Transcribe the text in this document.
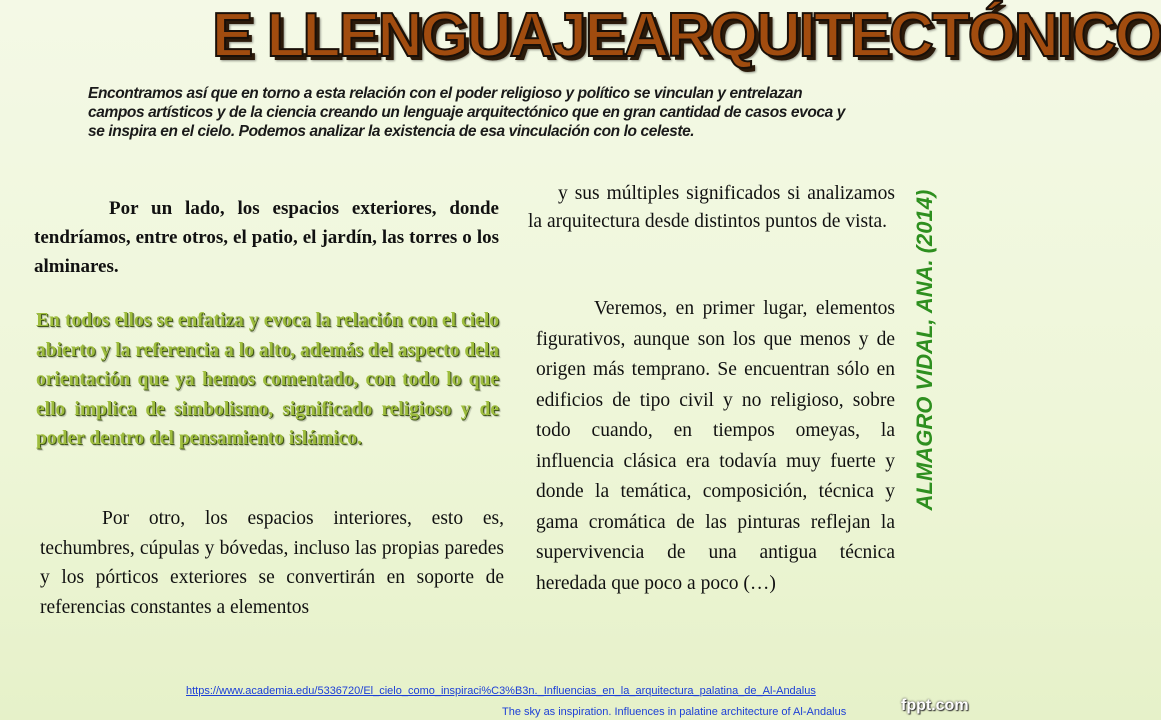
E LLENGUAJEARQUITECTÓNICO

Encontramos así que en torno a esta relación con el poder religioso y político se vinculan y entrelazan campos artísticos y de la ciencia creando un lenguaje arquitectónico que en gran cantidad de casos evoca y se inspira en el cielo. Podemos analizar la existencia de esa vinculación con lo celeste.

Por un lado, los espacios exteriores, donde tendríamos, entre otros, el patio, el jardín, las torres o los alminares.

En todos ellos se enfatiza y evoca la relación con el cielo abierto y la referencia a lo alto, además del aspecto dela orientación que ya hemos comentado, con todo lo que ello implica de simbolismo, significado religioso y de poder dentro del pensamiento islámico.

Por otro, los espacios interiores, esto es, techumbres, cúpulas y bóvedas, incluso las propias paredes y los pórticos exteriores se convertirán en soporte de referencias constantes a elementos

y sus múltiples significados si analizamos la arquitectura desde distintos puntos de vista.

Veremos, en primer lugar, elementos figurativos, aunque son los que menos y de origen más temprano. Se encuentran sólo en edificios de tipo civil y no religioso, sobre todo cuando, en tiempos omeyas, la influencia clásica era todavía muy fuerte y donde la temática, composición, técnica y gama cromática de las pinturas reflejan la supervivencia de una antigua técnica heredada que poco a poco (…)

ALMAGRO VIDAL, ANA. (2014)
https://www.academia.edu/5336720/El_cielo_como_inspiraci%C3%B3n._Influencias_en_la_arquitectura_palatina_de_Al-Andalus
The sky as inspiration. Influences in palatine architecture of Al-Andalus	fppt.com
